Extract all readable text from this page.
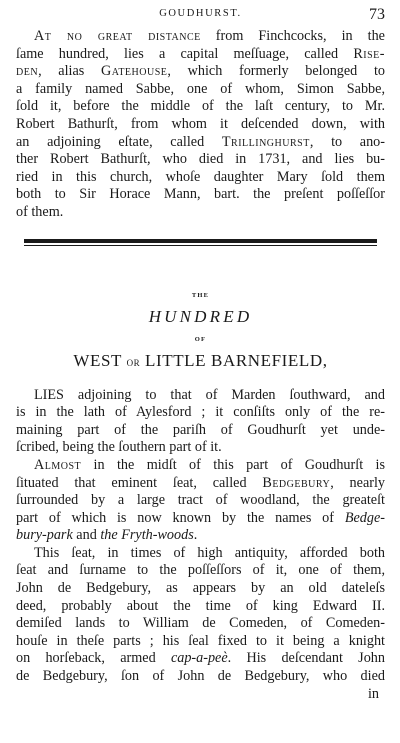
GOUDHURST.	73
At no great distance from Finchcocks, in the
ſame hundred, lies a capital meſſuage, called Rise-
den, alias Gatehouse, which formerly belonged to
a family named Sabbe, one of whom, Simon Sabbe,
ſold it, before the middle of the laſt century, to Mr.
Robert Bathurſt, from whom it deſcended down, with
an adjoining eſtate, called Trillinghurst, to ano-
ther Robert Bathurſt, who died in 1731, and lies bu-
ried in this church, whoſe daughter Mary ſold them
both to Sir Horace Mann, bart. the preſent poſſeſſor
of them.
THE
HUNDRED
OF
WEST or LITTLE BARNEFIELD,
LIES adjoining to that of Marden ſouthward, and
is in the lath of Aylesford ; it conſiſts only of the re-
maining part of the pariſh of Goudhurſt yet unde-
ſcribed, being the ſouthern part of it.
Almost in the midſt of this part of Goudhurſt is
ſituated that eminent ſeat, called Bedgebury, nearly
ſurrounded by a large tract of woodland, the greateſt
part of which is now known by the names of Bedge-
bury-park and the Fryth-woods.
This ſeat, in times of high antiquity, afforded both
ſeat and ſurname to the poſſeſſors of it, one of them,
John de Bedgebury, as appears by an old dateleſs
deed, probably about the time of king Edward II.
demiſed lands to William de Comeden, of Comeden-
houſe in theſe parts ; his ſeal fixed to it being a knight
on horſeback, armed cap-a-peè. His deſcendant John
de Bedgebury, ſon of John de Bedgebury, who died
in
